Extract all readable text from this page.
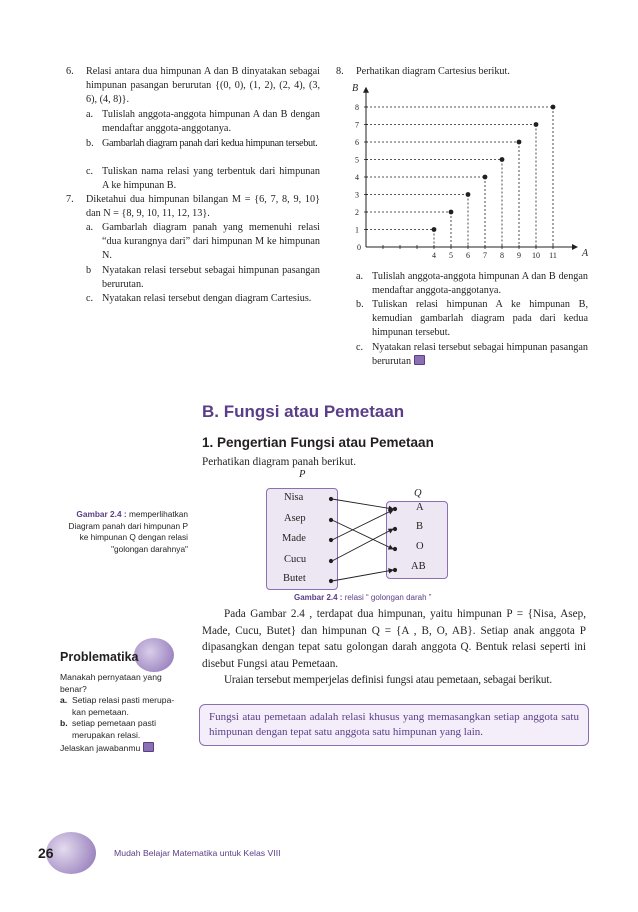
6.	Relasi antara dua himpunan A dan B dinyatakan sebagai himpunan pasangan berurutan {(0, 0), (1, 2), (2, 4), (3, 6), (4, 8)}.
a. Tulislah anggota-anggota himpunan A dan B dengan mendaftar anggota-anggotanya.
b. Gambarlah diagram panah dari kedua himpunan tersebut.
c. Tuliskan nama relasi yang terbentuk dari himpunan A ke himpunan B.
7.	Diketahui dua himpunan bilangan M = {6, 7, 8, 9, 10} dan N = {8, 9, 10, 11, 12, 13}.
a. Gambarlah diagram panah yang memenuhi relasi “dua kurangnya dari” dari himpunan M ke himpunan N.
b	Nyatakan relasi tersebut sebagai himpunan pasangan berurutan.
c. Nyatakan relasi tersebut dengan diagram Cartesius.
8.	Perhatikan diagram Cartesius berikut.
A
B
0
4 5 6 7 8 9 10 11
1
2
3
4
5
6
7
8
a. Tulislah anggota-anggota himpunan A dan B dengan mendaftar anggota-anggotanya.
b. Tuliskan relasi himpunan A ke himpunan B, kemudian gambarlah diagram pada dari kedua himpunan tersebut.
c. Nyatakan relasi tersebut sebagai himpunan pasangan berurutan
B. Fungsi atau Pemetaan
1. Pengertian Fungsi atau Pemetaan
Perhatikan diagram panah berikut.
Gambar 2.4 : memperlihatkan Diagram panah dari himpunan P ke himpunan Q dengan relasi "golongan darahnya"
P
Q
Nisa
Asep
Made
Cucu
Butet
A
B
O
AB
Gambar 2.4 : relasi “ golongan darah ”
Pada Gambar 2.4 , terdapat dua himpunan, yaitu himpunan P = {Nisa, Asep, Made, Cucu, Butet} dan himpunan Q = {A , B, O, AB}. Setiap anak anggota P dipasangkan dengan tepat satu golongan darah anggota Q. Bentuk relasi seperti ini disebut Fungsi atau Pemetaan.
Uraian tersebut memperjelas definisi fungsi atau pemetaan, sebagai berikut.
Fungsi atau pemetaan adalah relasi khusus yang memasangkan setiap anggota satu himpunan dengan tepat satu anggota satu himpunan yang lain.
Problematika
Manakah pernyataan yang benar?
a. Setiap relasi pasti merupa-kan pemetaan.
b. setiap pemetaan pasti merupakan relasi.
Jelaskan jawabanmu
26	Mudah Belajar Matematika untuk Kelas VIII
